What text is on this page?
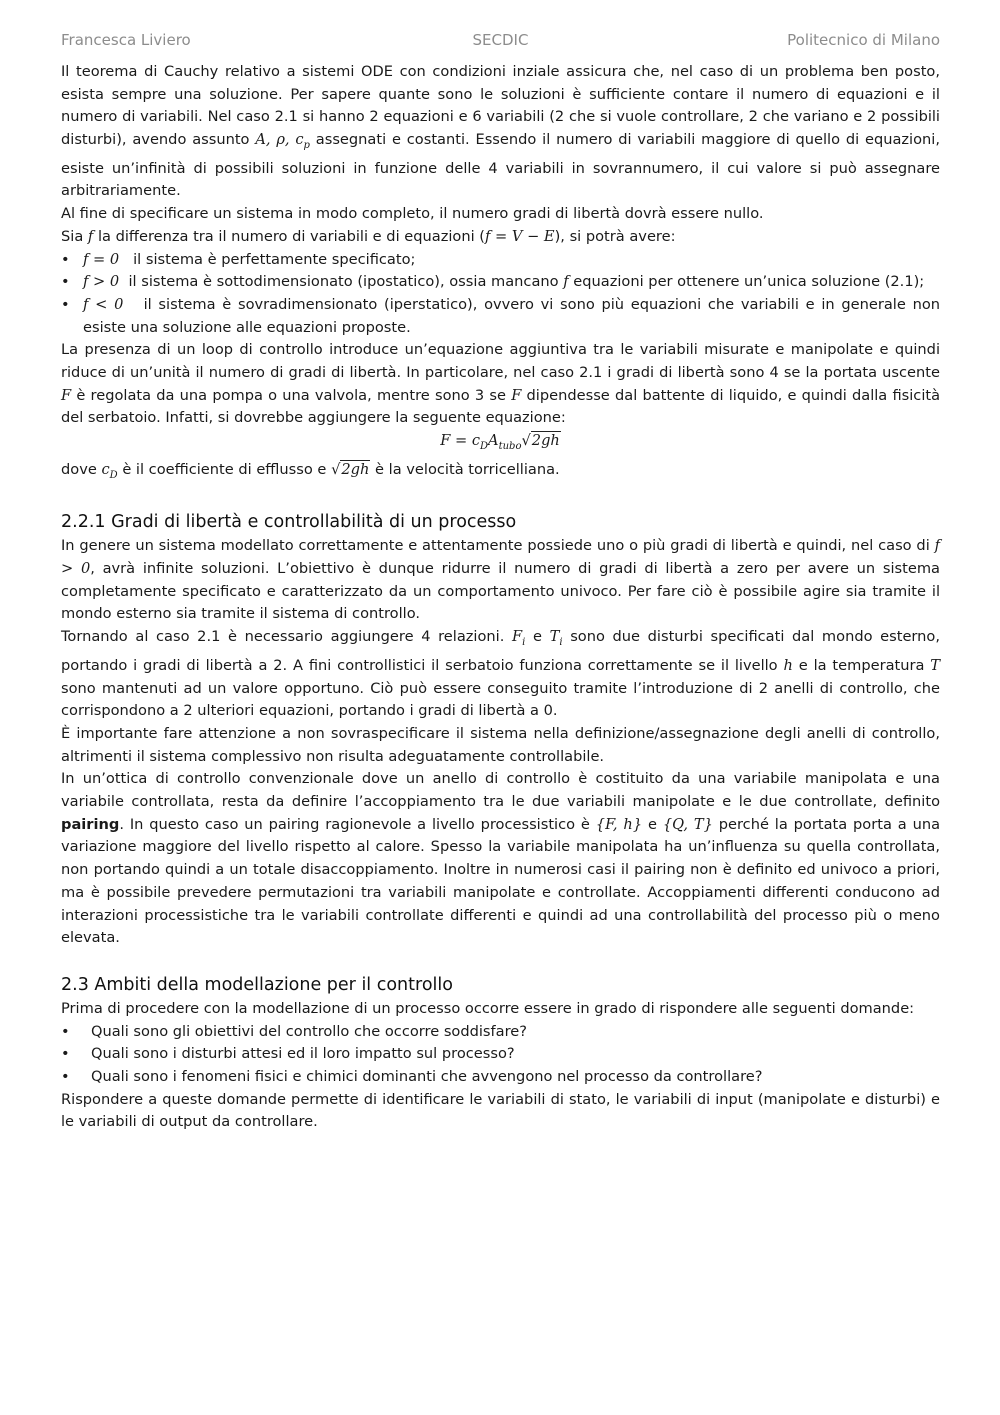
Francesca Liviero	SECDIC	Politecnico di Milano

Il teorema di Cauchy relativo a sistemi ODE con condizioni inziale assicura che, nel caso di un problema ben posto, esista sempre una soluzione. Per sapere quante sono le soluzioni è sufficiente contare il numero di equazioni e il numero di variabili. Nel caso 2.1 si hanno 2 equazioni e 6 variabili (2 che si vuole controllare, 2 che variano e 2 possibili disturbi), avendo assunto A, ρ, $c_p$ assegnati e costanti. Essendo il numero di variabili maggiore di quello di equazioni, esiste un’infinità di possibili soluzioni in funzione delle 4 variabili in sovrannumero, il cui valore si può assegnare arbitrariamente.

Al fine di specificare un sistema in modo completo, il numero gradi di libertà dovrà essere nullo.

Sia f la differenza tra il numero di variabili e di equazioni (f = V − E), si potrà avere:

• f = 0 il sistema è perfettamente specificato;
• f > 0 il sistema è sottodimensionato (ipostatico), ossia mancano f equazioni per ottenere un’unica soluzione (2.1);
• f < 0 il sistema è sovradimensionato (iperstatico), ovvero vi sono più equazioni che variabili e in generale non esiste una soluzione alle equazioni proposte.

La presenza di un loop di controllo introduce un’equazione aggiuntiva tra le variabili misurate e manipolate e quindi riduce di un’unità il numero di gradi di libertà. In particolare, nel caso 2.1 i gradi di libertà sono 4 se la portata uscente F è regolata da una pompa o una valvola, mentre sono 3 se F dipendesse dal battente di liquido, e quindi dalla fisicità del serbatoio. Infatti, si dovrebbe aggiungere la seguente equazione:

$F = c_DA_{tubo}√2gh$

dove $c_D$ è il coefficiente di efflusso e √2gh è la velocità torricelliana.

2.2.1 Gradi di libertà e controllabilità di un processo

In genere un sistema modellato correttamente e attentamente possiede uno o più gradi di libertà e quindi, nel caso di f > 0, avrà infinite soluzioni. L’obiettivo è dunque ridurre il numero di gradi di libertà a zero per avere un sistema completamente specificato e caratterizzato da un comportamento univoco. Per fare ciò è possibile agire sia tramite il mondo esterno sia tramite il sistema di controllo.

Tornando al caso 2.1 è necessario aggiungere 4 relazioni. $F_i$ e $T_i$ sono due disturbi specificati dal mondo esterno, portando i gradi di libertà a 2. A fini controllistici il serbatoio funziona correttamente se il livello h e la temperatura T sono mantenuti ad un valore opportuno. Ciò può essere conseguito tramite l’introduzione di 2 anelli di controllo, che corrispondono a 2 ulteriori equazioni, portando i gradi di libertà a 0.

È importante fare attenzione a non sovraspecificare il sistema nella definizione/assegnazione degli anelli di controllo, altrimenti il sistema complessivo non risulta adeguatamente controllabile.

In un’ottica di controllo convenzionale dove un anello di controllo è costituito da una variabile manipolata e una variabile controllata, resta da definire l’accoppiamento tra le due variabili manipolate e le due controllate, definito pairing. In questo caso un pairing ragionevole a livello processistico è {F, h} e {Q, T} perché la portata porta a una variazione maggiore del livello rispetto al calore. Spesso la variabile manipolata ha un’influenza su quella controllata, non portando quindi a un totale disaccoppiamento. Inoltre in numerosi casi il pairing non è definito ed univoco a priori, ma è possibile prevedere permutazioni tra variabili manipolate e controllate. Accoppiamenti differenti conducono ad interazioni processistiche tra le variabili controllate differenti e quindi ad una controllabilità del processo più o meno elevata.

2.3 Ambiti della modellazione per il controllo

Prima di procedere con la modellazione di un processo occorre essere in grado di rispondere alle seguenti domande:

• Quali sono gli obiettivi del controllo che occorre soddisfare?
• Quali sono i disturbi attesi ed il loro impatto sul processo?
• Quali sono i fenomeni fisici e chimici dominanti che avvengono nel processo da controllare?

Rispondere a queste domande permette di identificare le variabili di stato, le variabili di input (manipolate e disturbi) e le variabili di output da controllare.
